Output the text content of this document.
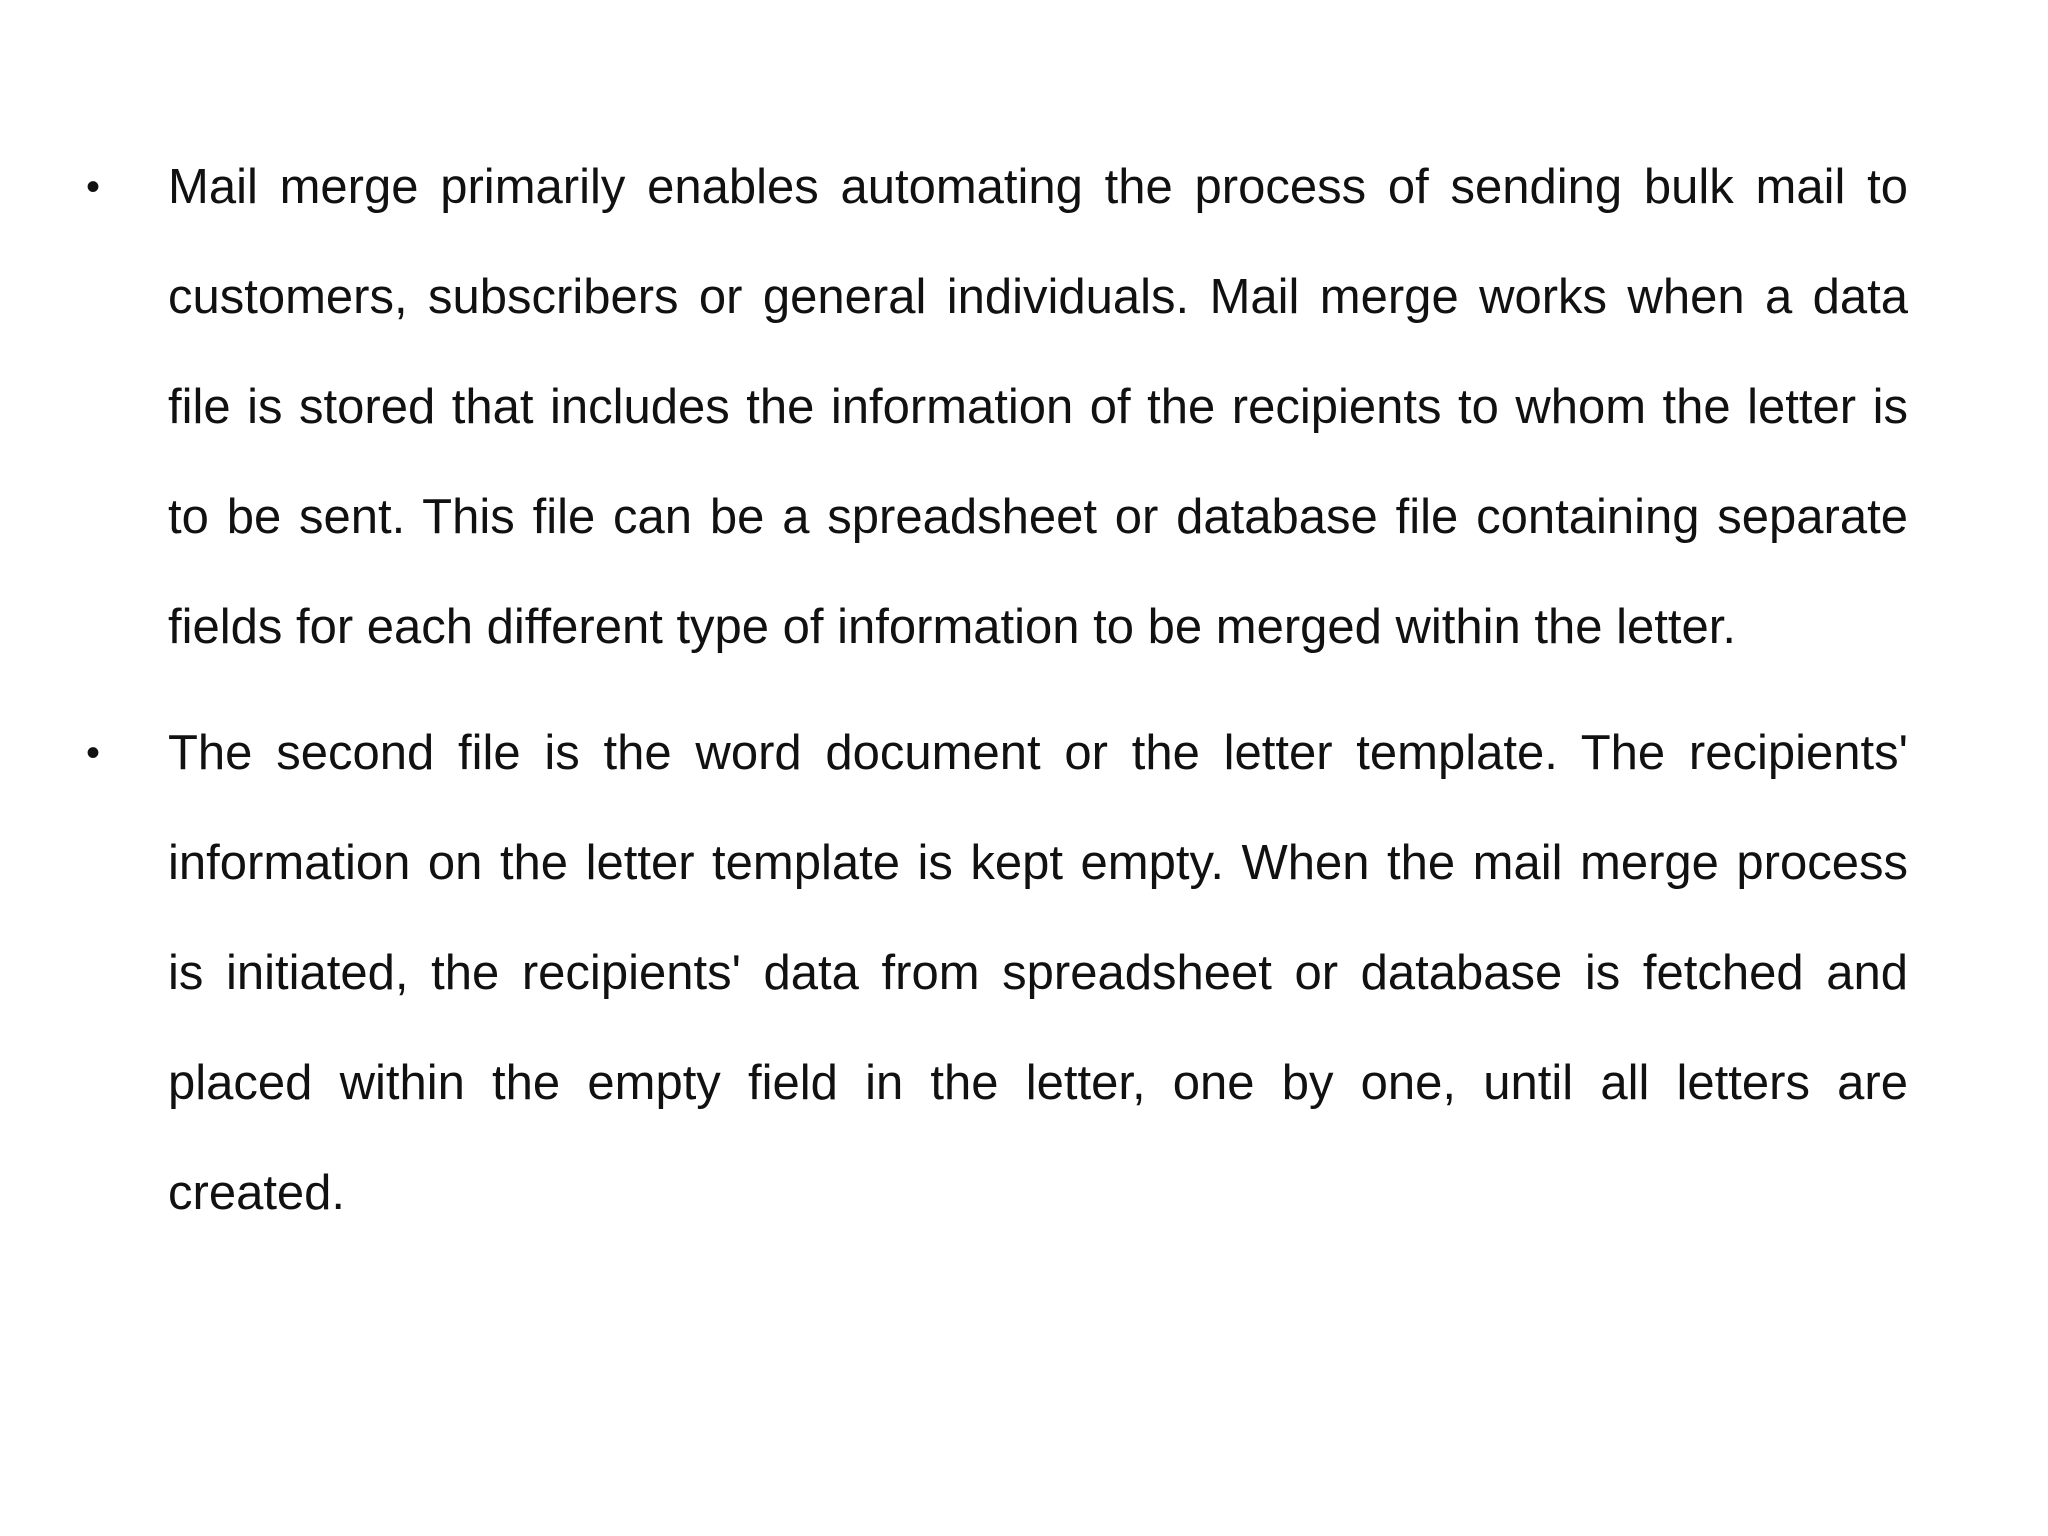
•	Mail merge primarily enables automating the process of sending bulk mail to customers, subscribers or general individuals. Mail merge works when a data file is stored that includes the information of the recipients to whom the letter is to be sent. This file can be a spreadsheet or database file containing separate fields for each different type of information to be merged within the letter.
•	The second file is the word document or the letter template. The recipients' information on the letter template is kept empty. When the mail merge process is initiated, the recipients' data from spreadsheet or database is fetched and placed within the empty field in the letter, one by one, until all letters are created.
